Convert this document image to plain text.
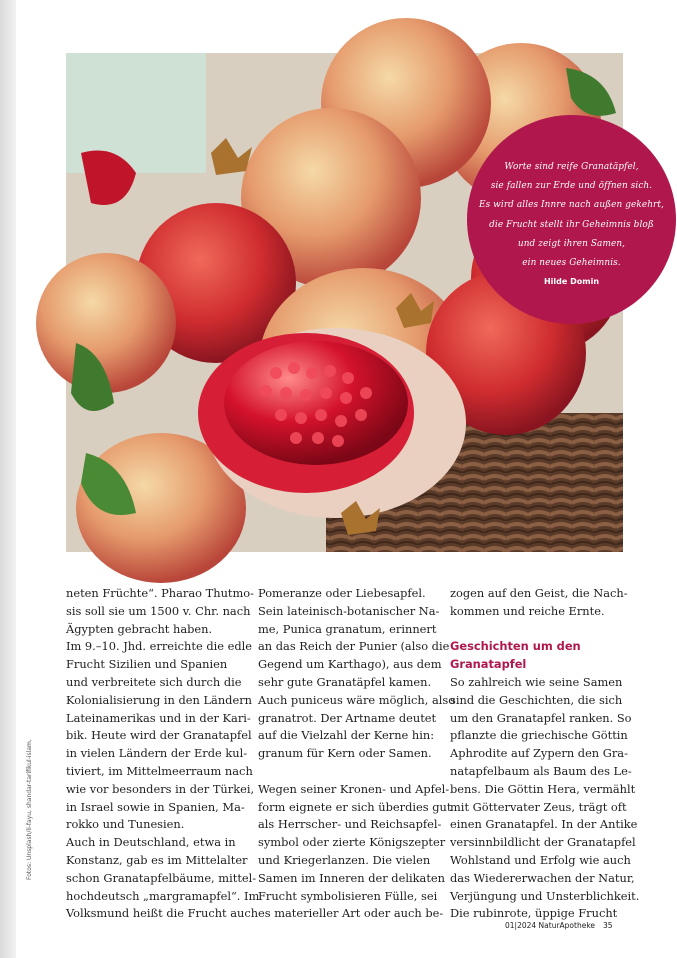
Worte sind reife Granatäpfel,
sie fallen zur Erde und öffnen sich.
Es wird alles Innre nach außen gekehrt,
die Frucht stellt ihr Geheimnis bloß
und zeigt ihren Samen,
ein neues Geheimnis.
Hilde Domin
Fotos: Unsplash/li-fayu, shandar-tarifikul-islam,
neten Früchte“. Pharao Thutmo-
sis soll sie um 1500 v. Chr. nach
Ägypten gebracht haben.
Im 9.–10. Jhd. erreichte die edle
Frucht Sizilien und Spanien
und verbreitete sich durch die
Kolonialisierung in den Ländern
Lateinamerikas und in der Kari-
bik. Heute wird der Granatapfel
in vielen Ländern der Erde kul-
tiviert, im Mittelmeerraum nach
wie vor besonders in der Türkei,
in Israel sowie in Spanien, Ma-
rokko und Tunesien.
Auch in Deutschland, etwa in
Konstanz, gab es im Mittelalter
schon Granatapfelbäume, mittel-
hochdeutsch „margramapfel“. Im
Volksmund heißt die Frucht auch
Pomeranze oder Liebesapfel.
Sein lateinisch-botanischer Na-
me, Punica granatum, erinnert
an das Reich der Punier (also die
Gegend um Karthago), aus dem
sehr gute Granatäpfel kamen.
Auch puniceus wäre möglich, also
granatrot. Der Artname deutet
auf die Vielzahl der Kerne hin:
granum für Kern oder Samen.
Wegen seiner Kronen- und Apfel-
form eignete er sich überdies gut
als Herrscher- und Reichsapfel-
symbol oder zierte Königszepter
und Kriegerlanzen. Die vielen
Samen im Inneren der delikaten
Frucht symbolisieren Fülle, sei
es materieller Art oder auch be-
zogen auf den Geist, die Nach-
kommen und reiche Ernte.
Geschichten um den
Granatapfel
So zahlreich wie seine Samen
sind die Geschichten, die sich
um den Granatapfel ranken. So
pflanzte die griechische Göttin
Aphrodite auf Zypern den Gra-
natapfelbaum als Baum des Le-
bens. Die Göttin Hera, vermählt
mit Göttervater Zeus, trägt oft
einen Granatapfel. In der Antike
versinnbildlicht der Granatapfel
Wohlstand und Erfolg wie auch
das Wiedererwachen der Natur,
Verjüngung und Unsterblichkeit.
Die rubinrote, üppige Frucht
01|2024 NaturApotheke 35
